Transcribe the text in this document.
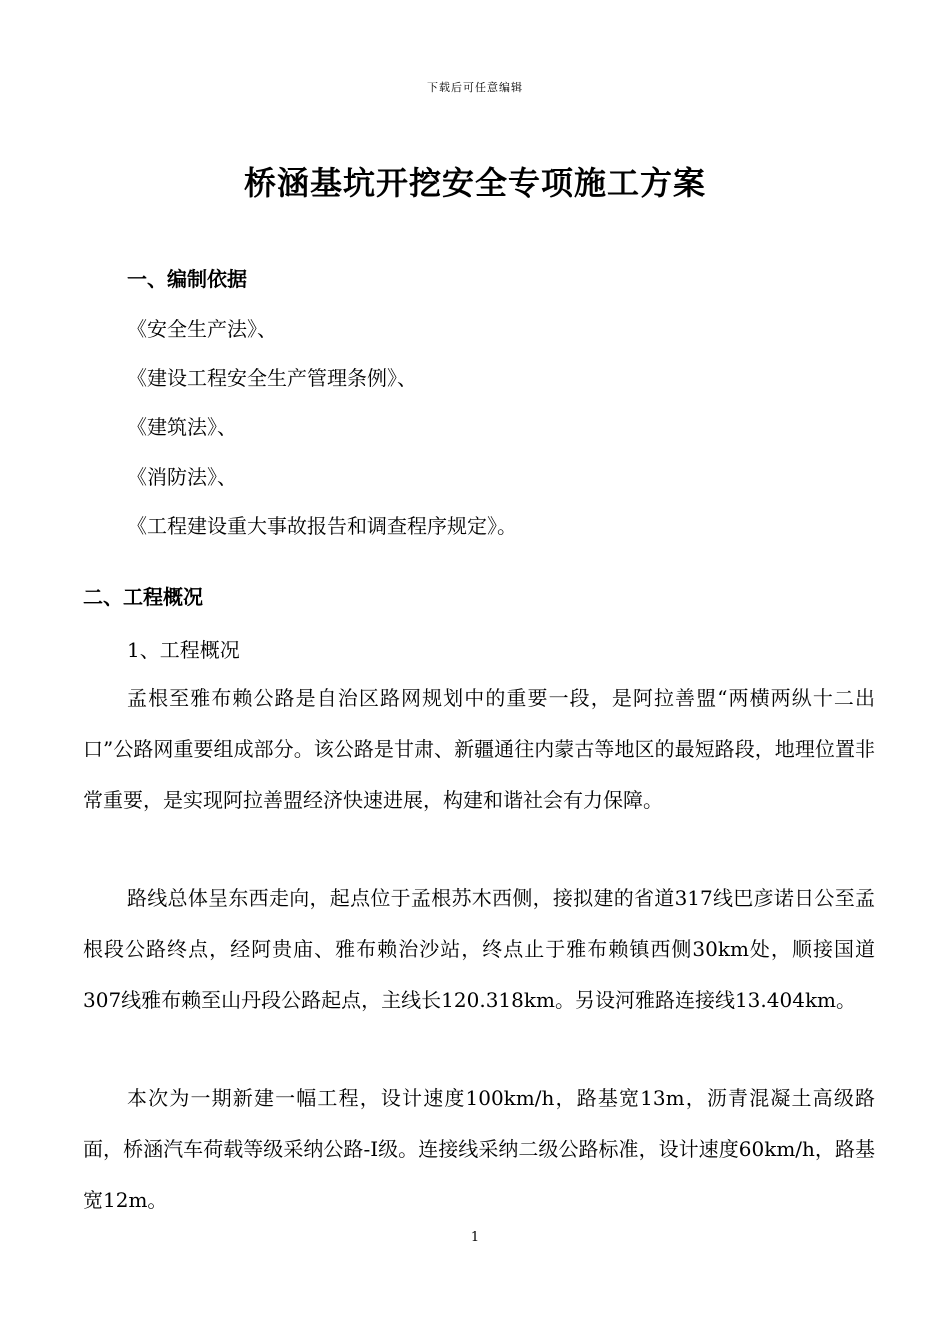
下载后可任意编辑
桥涵基坑开挖安全专项施工方案
一、编制依据

《安全生产法》、

《建设工程安全生产管理条例》、

《建筑法》、

《消防法》、

《工程建设重大事故报告和调查程序规定》。

二、工程概况

1、工程概况

孟根至雅布赖公路是自治区路网规划中的重要一段，是阿拉善盟“两横两纵十二出口”公路网重要组成部分。该公路是甘肃、新疆通往内蒙古等地区的最短路段，地理位置非常重要，是实现阿拉善盟经济快速进展，构建和谐社会有力保障。

路线总体呈东西走向，起点位于孟根苏木西侧，接拟建的省道317线巴彦诺日公至孟根段公路终点，经阿贵庙、雅布赖治沙站，终点止于雅布赖镇西侧30km处，顺接国道307线雅布赖至山丹段公路起点，主线长120.318km。另设河雅路连接线13.404km。

本次为一期新建一幅工程，设计速度100km/h，路基宽13m，沥青混凝土高级路面，桥涵汽车荷载等级采纳公路-I级。连接线采纳二级公路标准，设计速度60km/h，路基宽12m。

1
